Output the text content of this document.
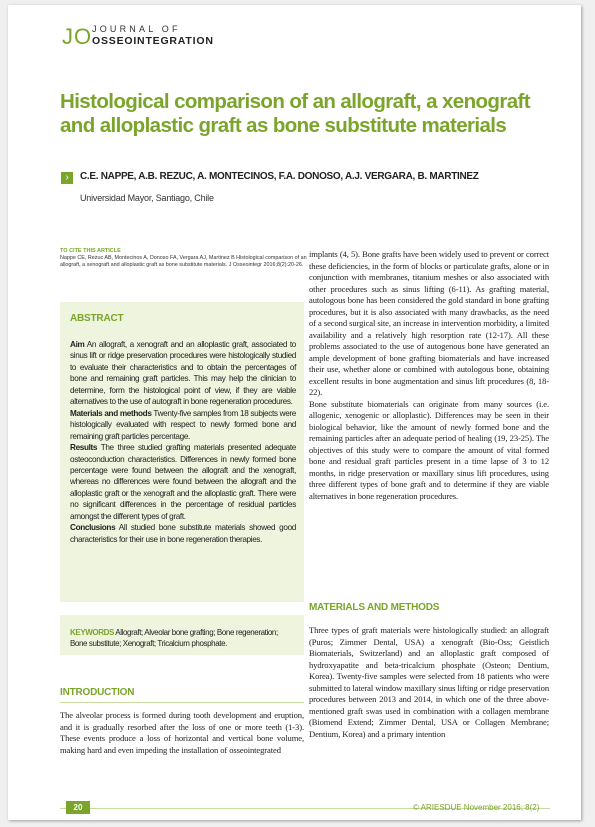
JO JOURNAL OF
OSSEOINTEGRATION
Histological comparison of an allograft, a xenograft
and alloplastic graft as bone substitute materials
›	C.E. NAPPE, A.B. REZUC, A. MONTECINOS, F.A. DONOSO, A.J. VERGARA, B. MARTINEZ
Universidad Mayor, Santiago, Chile
TO CITE THIS ARTICLE
Nappe CE, Rezuc AB, Montecinos A, Donoso FA, Vergara AJ, Martinez B Histological comparison of an allograft, a xenograft and alloplastic graft as bone substitute materials. J Osseointegr 2016;8(2):20-26.
ABSTRACT

Aim An allograft, a xenograft and an alloplastic graft, associated to sinus lift or ridge preservation procedures were histologically studied to evaluate their characteristics and to obtain the percentages of bone and remaining graft particles. This may help the clinician to determine, form the histological point of view, if they are viable alternatives to the use of autograft in bone regeneration procedures.

Materials and methods Twenty-five samples from 18 subjects were histologically evaluated with respect to newly formed bone and remaining graft particles percentage.

Results The three studied grafting materials presented adequate osteoconduction characteristics. Differences in newly formed bone percentage were found between the allograft and the xenograft, whereas no differences were found between the allograft and the alloplastic graft or the xenograft and the alloplastic graft. There were no significant differences in the percentage of residual particles amongst the different types of graft.

Conclusions All studied bone substitute materials showed good characteristics for their use in bone regeneration therapies.

KEYWORDS Allograft; Alveolar bone grafting; Bone regeneration; Bone substitute; Xenograft; Tricalcium phosphate.
INTRODUCTION

The alveolar process is formed during tooth development and eruption, and it is gradually resorbed after the loss of one or more teeth (1-3). These events produce a loss of horizontal and vertical bone volume, making hard and even impeding the installation of osseointegrated

implants (4, 5). Bone grafts have been widely used to prevent or correct these deficiencies, in the form of blocks or particulate grafts, alone or in conjunction with membranes, titanium meshes or also associated with other procedures such as sinus lifting (6-11). As grafting material, autologous bone has been considered the gold standard in bone grafting procedures, but it is also associated with many drawbacks, as the need of a second surgical site, an increase in intervention morbidity, a limited availability and a relatively high resorption rate (12-17). All these problems associated to the use of autogenous bone have generated an ample development of bone grafting biomaterials and have increased their use, whether alone or combined with autologous bone, obtaining excellent results in bone augmentation and sinus lift procedures (8, 18-22).

Bone substitute biomaterials can originate from many sources (i.e. allogenic, xenogenic or alloplastic). Differences may be seen in their biological behavior, like the amount of newly formed bone and the remaining particles after an adequate period of healing (19, 23-25). The objectives of this study were to compare the amount of vital formed bone and residual graft particles present in a time lapse of 3 to 12 months, in ridge preservation or maxillary sinus lift procedures, using three different types of bone graft and to determine if they are viable alternatives in bone regeneration procedures.

MATERIALS AND METHODS

Three types of graft materials were histologically studied: an allograft (Puros; Zimmer Dental, USA) a xenograft (Bio-Oss; Geistlich Biomaterials, Switzerland) and an alloplastic graft composed of hydroxyapatite and beta-tricalcium phosphate (Osteon; Dentium, Korea). Twenty-five samples were selected from 18 patients who were submitted to lateral window maxillary sinus lifting or ridge preservation procedures between 2013 and 2014, in which one of the three above-mentioned graft swas used in combination with a collagen membrane (Biomend Extend; Zimmer Dental, USA or Collagen Membrane; Dentium, Korea) and a primary intention

20	© ARIESDUE November 2016; 8(2)
